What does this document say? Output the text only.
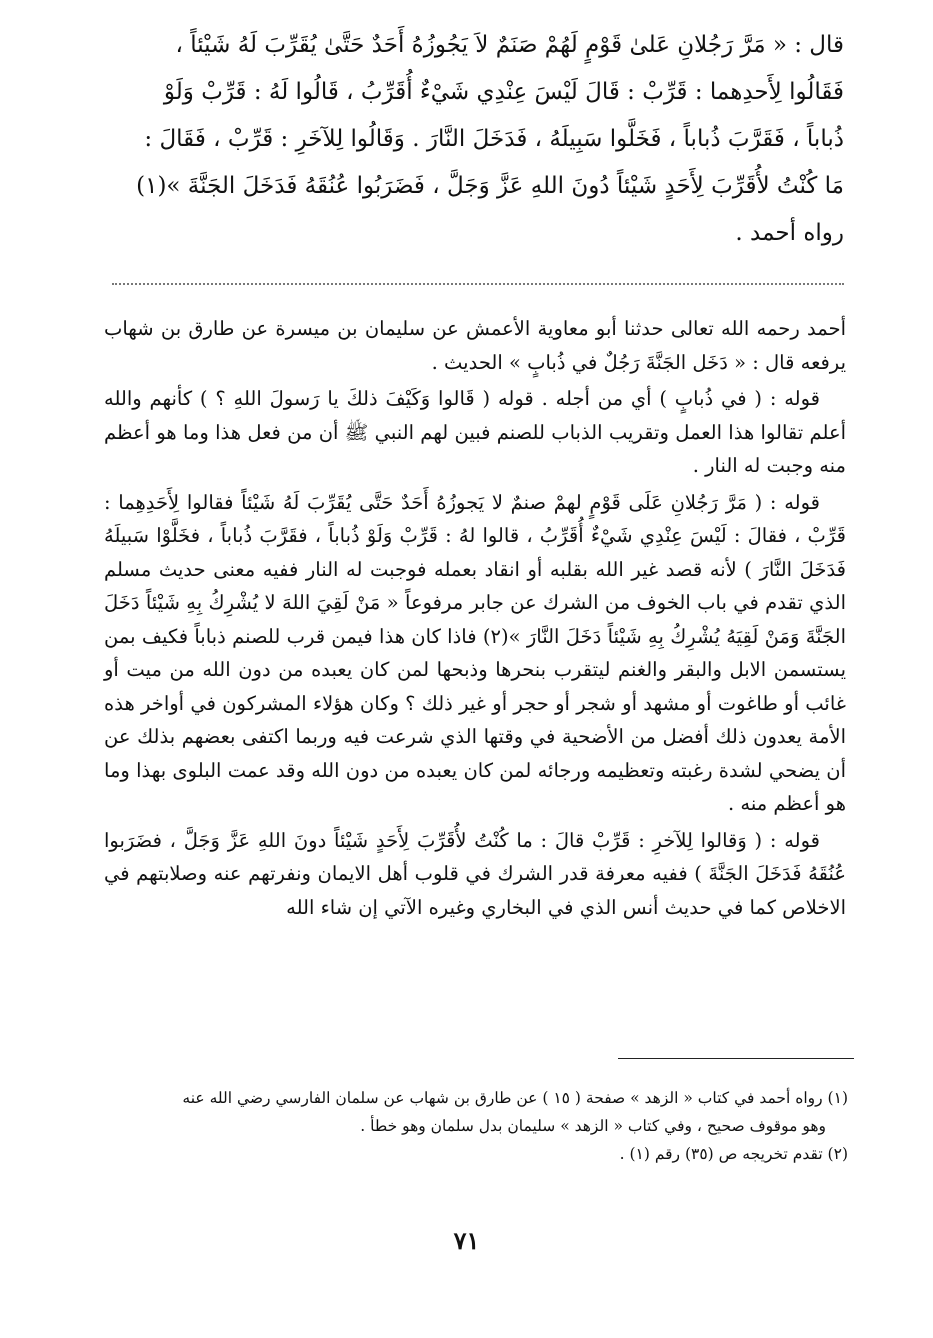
قال : « مَرَّ رَجُلانِ عَلىٰ قَوْمٍ لَهُمْ صَنَمٌ لاَ يَجُوزُهُ أَحَدٌ حَتَّىٰ يُقَرِّبَ لَهُ شَيْئاً ،

فَقَالُوا لِأَحدِهما : قَرِّبْ : قَالَ لَيْسَ عِنْدِي شَيْءٌ أُقَرِّبُ ، قَالُوا لَهُ : قَرِّبْ وَلَوْ

ذُباباً ، فَقَرَّبَ ذُباباً ، فَخَلَّوا سَبِيلَهُ ، فَدَخَلَ النَّارَ . وَقَالُوا لِلآخَرِ : قَرِّبْ ، فَقَالَ :

مَا كُنْتُ لأُقَرِّبَ لِأَحَدٍ شَيْئاً دُونَ اللهِ عَزَّ وَجَلَّ ، فَضَرَبُوا عُنُقَهُ فَدَخَلَ الجَنَّةَ »(١)

رواه أحمد .

أحمد رحمه الله تعالى حدثنا أبو معاوية الأعمش عن سليمان بن ميسرة عن طارق بن شهاب يرفعه قال : « دَخَل الجَنَّةَ رَجُلٌ في ذُبابٍ » الحديث .

قوله : ( في ذُبابٍ ) أي من أجله . قوله ( قَالوا وَكَيْفَ ذلكَ يا رَسولَ اللهِ ؟ ) كأنهم والله أعلم تقالوا هذا العمل وتقريب الذباب للصنم فبين لهم النبي ﷺ أن من فعل هذا وما هو أعظم منه وجبت له النار .

قوله : ( مَرَّ رَجُلانِ عَلَى قَوْمٍ لهمْ صنمٌ لا يَجوزُهُ أَحَدٌ حَتَّى يُقَرِّبَ لَهُ شَيْئاً فقالوا لِأَحَدِهِما : قَرِّبْ ، فقالَ : لَيْسَ عِنْدِي شَيْءٌ أُقَرِّبُ ، قالوا لهُ : قَرِّبْ وَلَوْ ذُباباً ، فقَرَّبَ ذُباباً ، فخَلَّوْا سَبيلَهُ فَدَخَلَ النَّارَ ) لأنه قصد غير الله بقلبه أو انقاد بعمله فوجبت له النار ففيه معنى حديث مسلم الذي تقدم في باب الخوف من الشرك عن جابر مرفوعاً « مَنْ لَقِيَ اللهَ لا يُشْرِكُ بِهِ شَيْئاً دَخَلَ الجَنَّةَ وَمَنْ لَقِيَهُ يُشْرِكُ بِهِ شَيْئاً دَخَلَ النَّارَ »(٢) فاذا كان هذا فيمن قرب للصنم ذباباً فكيف بمن يستسمن الابل والبقر والغنم ليتقرب بنحرها وذبحها لمن كان يعبده من دون الله من ميت أو غائب أو طاغوت أو مشهد أو شجر أو حجر أو غير ذلك ؟ وكان هؤلاء المشركون في أواخر هذه الأمة يعدون ذلك أفضل من الأضحية في وقتها الذي شرعت فيه وربما اكتفى بعضهم بذلك عن أن يضحي لشدة رغبته وتعظيمه ورجائه لمن كان يعبده من دون الله وقد عمت البلوى بهذا وما هو أعظم منه .

قوله : ( وَقالوا لِلآخرِ : قَرِّبْ قالَ : ما كُنْتُ لأُقَرِّبَ لِأَحَدٍ شَيْئاً دونَ اللهِ عَزَّ وَجَلَّ ، فضَرَبوا عُنُقَهُ فَدَخَلَ الجَنَّةَ ) ففيه معرفة قدر الشرك في قلوب أهل الايمان ونفرتهم عنه وصلابتهم في الاخلاص كما في حديث أنس الذي في البخاري وغيره الآتي إن شاء الله

(١) رواه أحمد في كتاب « الزهد » صفحة ( ١٥ ) عن طارق بن شهاب عن سلمان الفارسي رضي الله عنه

وهو موقوف صحيح ، وفي كتاب « الزهد » سليمان بدل سلمان وهو خطأ .

(٢) تقدم تخريجه ص (٣٥) رقم (١) .

٧١
